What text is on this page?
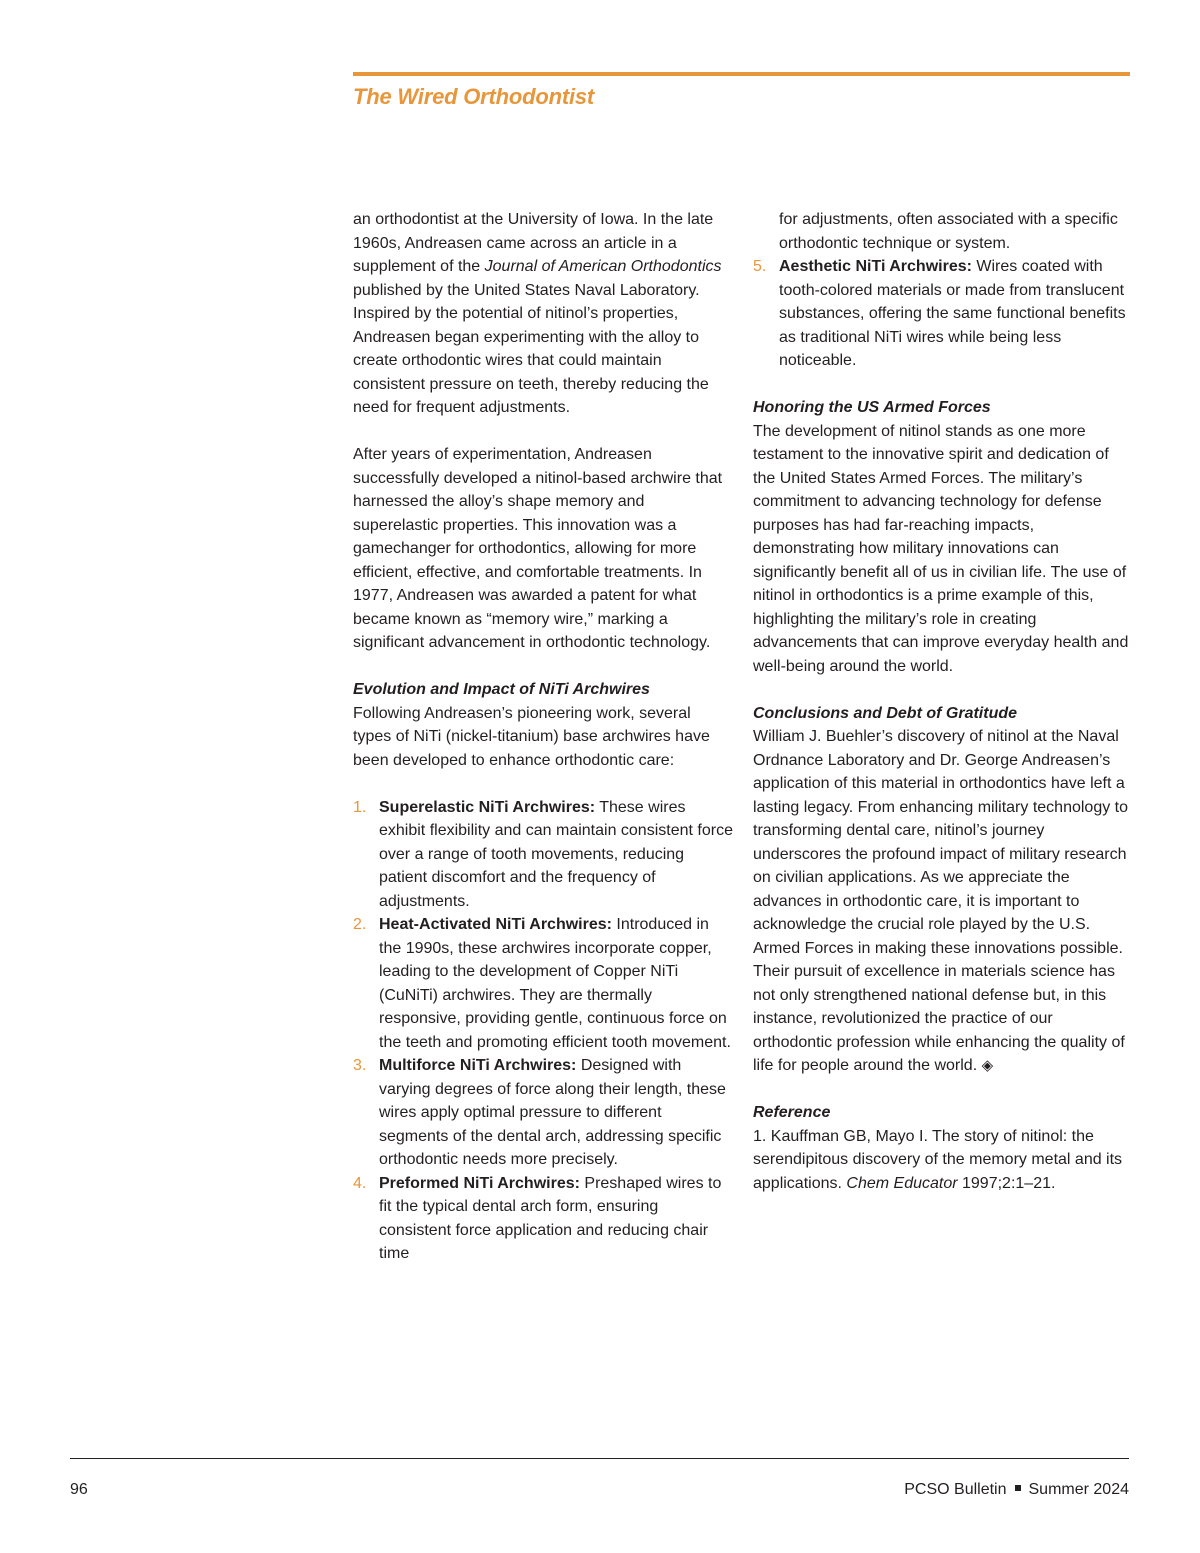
The Wired Orthodontist

an orthodontist at the University of Iowa. In the late 1960s, Andreasen came across an article in a supplement of the Journal of American Orthodontics published by the United States Naval Laboratory. Inspired by the potential of nitinol’s properties, Andreasen began experimenting with the alloy to create orthodontic wires that could maintain consistent pressure on teeth, thereby reducing the need for frequent adjustments.

After years of experimentation, Andreasen successfully developed a nitinol-based archwire that harnessed the alloy’s shape memory and superelastic properties. This innovation was a gamechanger for orthodontics, allowing for more efficient, effective, and comfortable treatments. In 1977, Andreasen was awarded a patent for what became known as “memory wire,” marking a significant advancement in orthodontic technology.

Evolution and Impact of NiTi Archwires

Following Andreasen’s pioneering work, several types of NiTi (nickel-titanium) base archwires have been developed to enhance orthodontic care:

1. Superelastic NiTi Archwires: These wires exhibit flexibility and can maintain consistent force over a range of tooth movements, reducing patient discomfort and the frequency of adjustments.
2. Heat-Activated NiTi Archwires: Introduced in the 1990s, these archwires incorporate copper, leading to the development of Copper NiTi (CuNiTi) archwires. They are thermally responsive, providing gentle, continuous force on the teeth and promoting efficient tooth movement.
3. Multiforce NiTi Archwires: Designed with varying degrees of force along their length, these wires apply optimal pressure to different segments of the dental arch, addressing specific orthodontic needs more precisely.
4. Preformed NiTi Archwires: Preshaped wires to fit the typical dental arch form, ensuring consistent force application and reducing chair time
for adjustments, often associated with a specific orthodontic technique or system.
5. Aesthetic NiTi Archwires: Wires coated with tooth-colored materials or made from translucent substances, offering the same functional benefits as traditional NiTi wires while being less noticeable.

Honoring the US Armed Forces

The development of nitinol stands as one more testament to the innovative spirit and dedication of the United States Armed Forces. The military’s commitment to advancing technology for defense purposes has had far-reaching impacts, demonstrating how military innovations can significantly benefit all of us in civilian life. The use of nitinol in orthodontics is a prime example of this, highlighting the military’s role in creating advancements that can improve everyday health and well-being around the world.

Conclusions and Debt of Gratitude

William J. Buehler’s discovery of nitinol at the Naval Ordnance Laboratory and Dr. George Andreasen’s application of this material in orthodontics have left a lasting legacy. From enhancing military technology to transforming dental care, nitinol’s journey underscores the profound impact of military research on civilian applications. As we appreciate the advances in orthodontic care, it is important to acknowledge the crucial role played by the U.S. Armed Forces in making these innovations possible. Their pursuit of excellence in materials science has not only strengthened national defense but, in this instance, revolutionized the practice of our orthodontic profession while enhancing the quality of life for people around the world. ◈

Reference

1. Kauffman GB, Mayo I. The story of nitinol: the serendipitous discovery of the memory metal and its applications. Chem Educator 1997;2:1–21.

96	PCSO Bulletin Summer 2024
